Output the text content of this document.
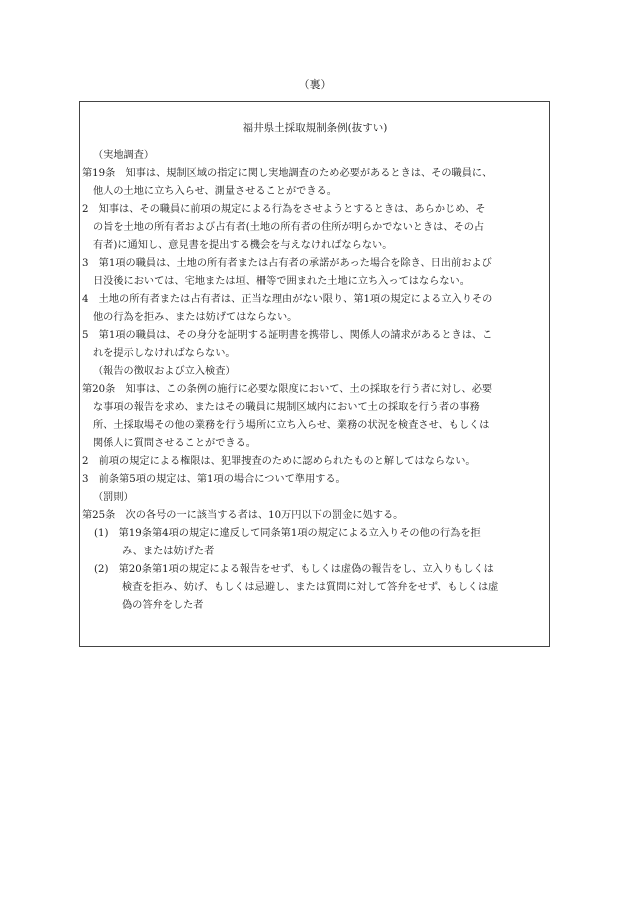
（裏）
福井県土採取規制条例(抜すい)
（実地調査）
第19条　知事は、規制区域の指定に関し実地調査のため必要があるときは、その職員に、
他人の土地に立ち入らせ、測量させることができる。
2　知事は、その職員に前項の規定による行為をさせようとするときは、あらかじめ、そ
の旨を土地の所有者および占有者(土地の所有者の住所が明らかでないときは、その占
有者)に通知し、意見書を提出する機会を与えなければならない。
3　第1項の職員は、土地の所有者または占有者の承諾があった場合を除き、日出前および
日没後においては、宅地または垣、柵等で囲まれた土地に立ち入ってはならない。
4　土地の所有者または占有者は、正当な理由がない限り、第1項の規定による立入りその
他の行為を拒み、または妨げてはならない。
5　第1項の職員は、その身分を証明する証明書を携帯し、関係人の請求があるときは、こ
れを提示しなければならない。
（報告の徴収および立入検査）
第20条　知事は、この条例の施行に必要な限度において、土の採取を行う者に対し、必要
な事項の報告を求め、またはその職員に規制区域内において土の採取を行う者の事務
所、土採取場その他の業務を行う場所に立ち入らせ、業務の状況を検査させ、もしくは
関係人に質問させることができる。
2　前項の規定による権限は、犯罪捜査のために認められたものと解してはならない。
3　前条第5項の規定は、第1項の場合について準用する。
（罰則）
第25条　次の各号の一に該当する者は、10万円以下の罰金に処する。
(1)　第19条第4項の規定に違反して同条第1項の規定による立入りその他の行為を拒
み、または妨げた者
(2)　第20条第1項の規定による報告をせず、もしくは虚偽の報告をし、立入りもしくは
検査を拒み、妨げ、もしくは忌避し、または質問に対して答弁をせず、もしくは虚
偽の答弁をした者
